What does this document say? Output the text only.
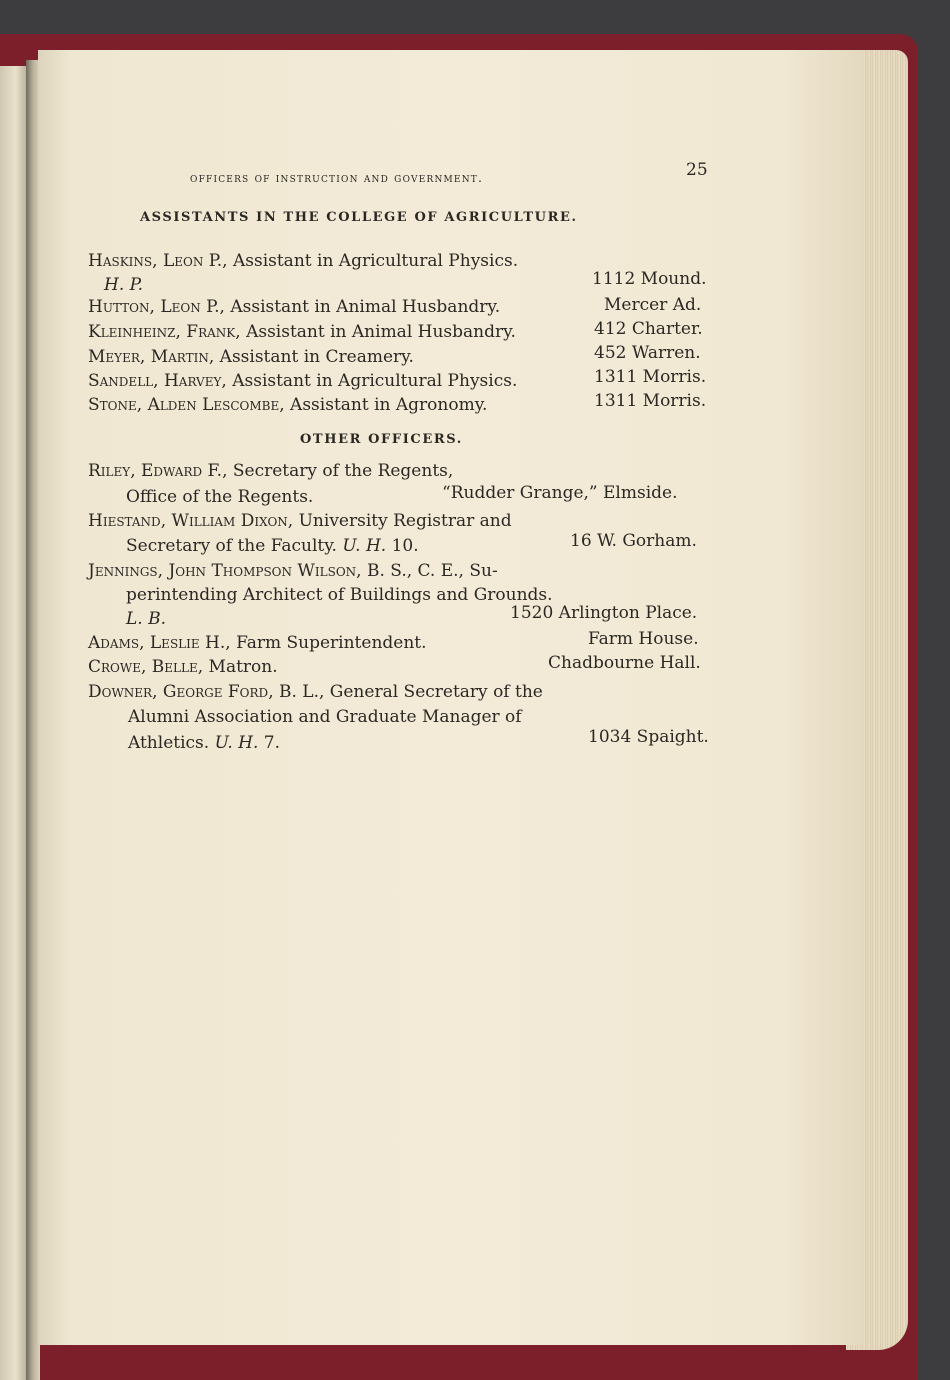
officers of instruction and government.	25
ASSISTANTS IN THE COLLEGE OF AGRICULTURE.
Haskins, Leon P., Assistant in Agricultural Physics.
H. P.	1112 Mound.
Hutton, Leon P., Assistant in Animal Husbandry.	Mercer Ad.
Kleinheinz, Frank, Assistant in Animal Husbandry.	412 Charter.
Meyer, Martin, Assistant in Creamery.	452 Warren.
Sandell, Harvey, Assistant in Agricultural Physics.	1311 Morris.
Stone, Alden Lescombe, Assistant in Agronomy.	1311 Morris.
OTHER OFFICERS.
Riley, Edward F., Secretary of the Regents,
Office of the Regents.	“Rudder Grange,” Elmside.
Hiestand, William Dixon, University Registrar and
Secretary of the Faculty. U. H. 10.	16 W. Gorham.
Jennings, John Thompson Wilson, B. S., C. E., Su-
perintending Architect of Buildings and Grounds.
L. B.	1520 Arlington Place.
Adams, Leslie H., Farm Superintendent.	Farm House.
Crowe, Belle, Matron.	Chadbourne Hall.
Downer, George Ford, B. L., General Secretary of the
Alumni Association and Graduate Manager of
Athletics. U. H. 7.	1034 Spaight.
